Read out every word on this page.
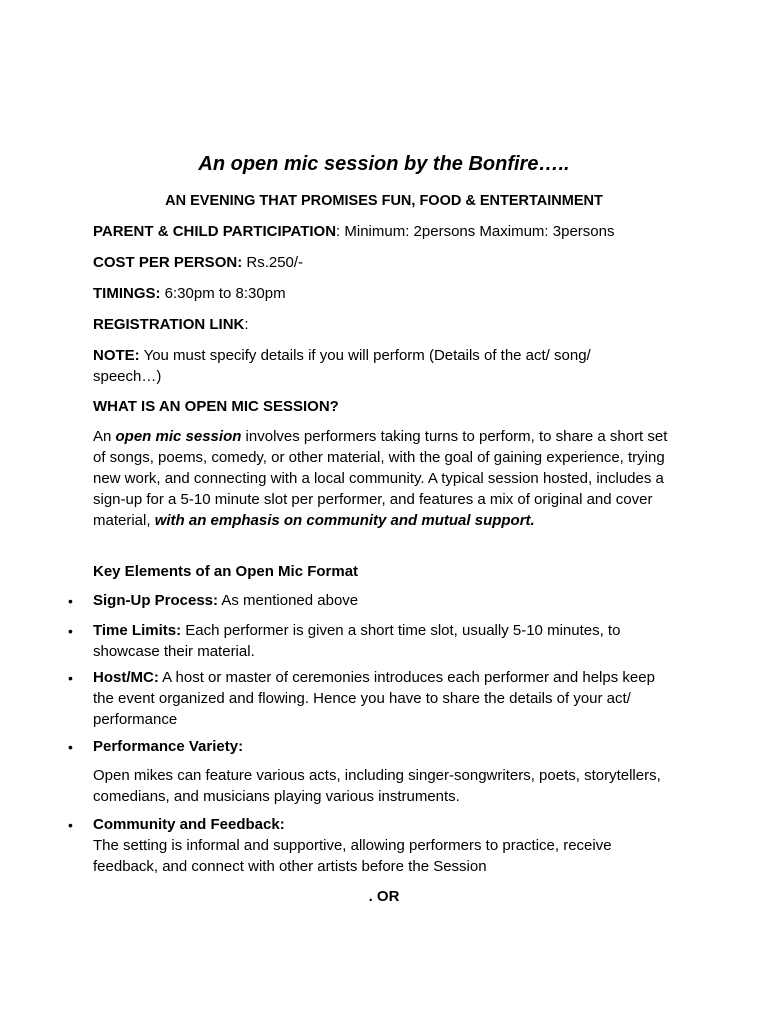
An open mic session by the Bonfire…..
AN EVENING THAT PROMISES FUN, FOOD & ENTERTAINMENT
PARENT & CHILD PARTICIPATION: Minimum: 2persons Maximum: 3persons
COST PER PERSON: Rs.250/-
TIMINGS: 6:30pm to 8:30pm
REGISTRATION LINK:
NOTE: You must specify details if you will perform (Details of the act/ song/ speech…)
WHAT IS AN OPEN MIC SESSION?
An open mic session involves performers taking turns to perform, to share a short set of songs, poems, comedy, or other material, with the goal of gaining experience, trying new work, and connecting with a local community. A typical session hosted, includes a sign-up for a 5-10 minute slot per performer, and features a mix of original and cover material, with an emphasis on community and mutual support.
Key Elements of an Open Mic Format
• Sign-Up Process: As mentioned above
• Time Limits: Each performer is given a short time slot, usually 5-10 minutes, to showcase their material.
• Host/MC: A host or master of ceremonies introduces each performer and helps keep the event organized and flowing. Hence you have to share the details of your act/ performance
• Performance Variety:
Open mikes can feature various acts, including singer-songwriters, poets, storytellers, comedians, and musicians playing various instruments.
• Community and Feedback:
The setting is informal and supportive, allowing performers to practice, receive feedback, and connect with other artists before the Session
. OR
